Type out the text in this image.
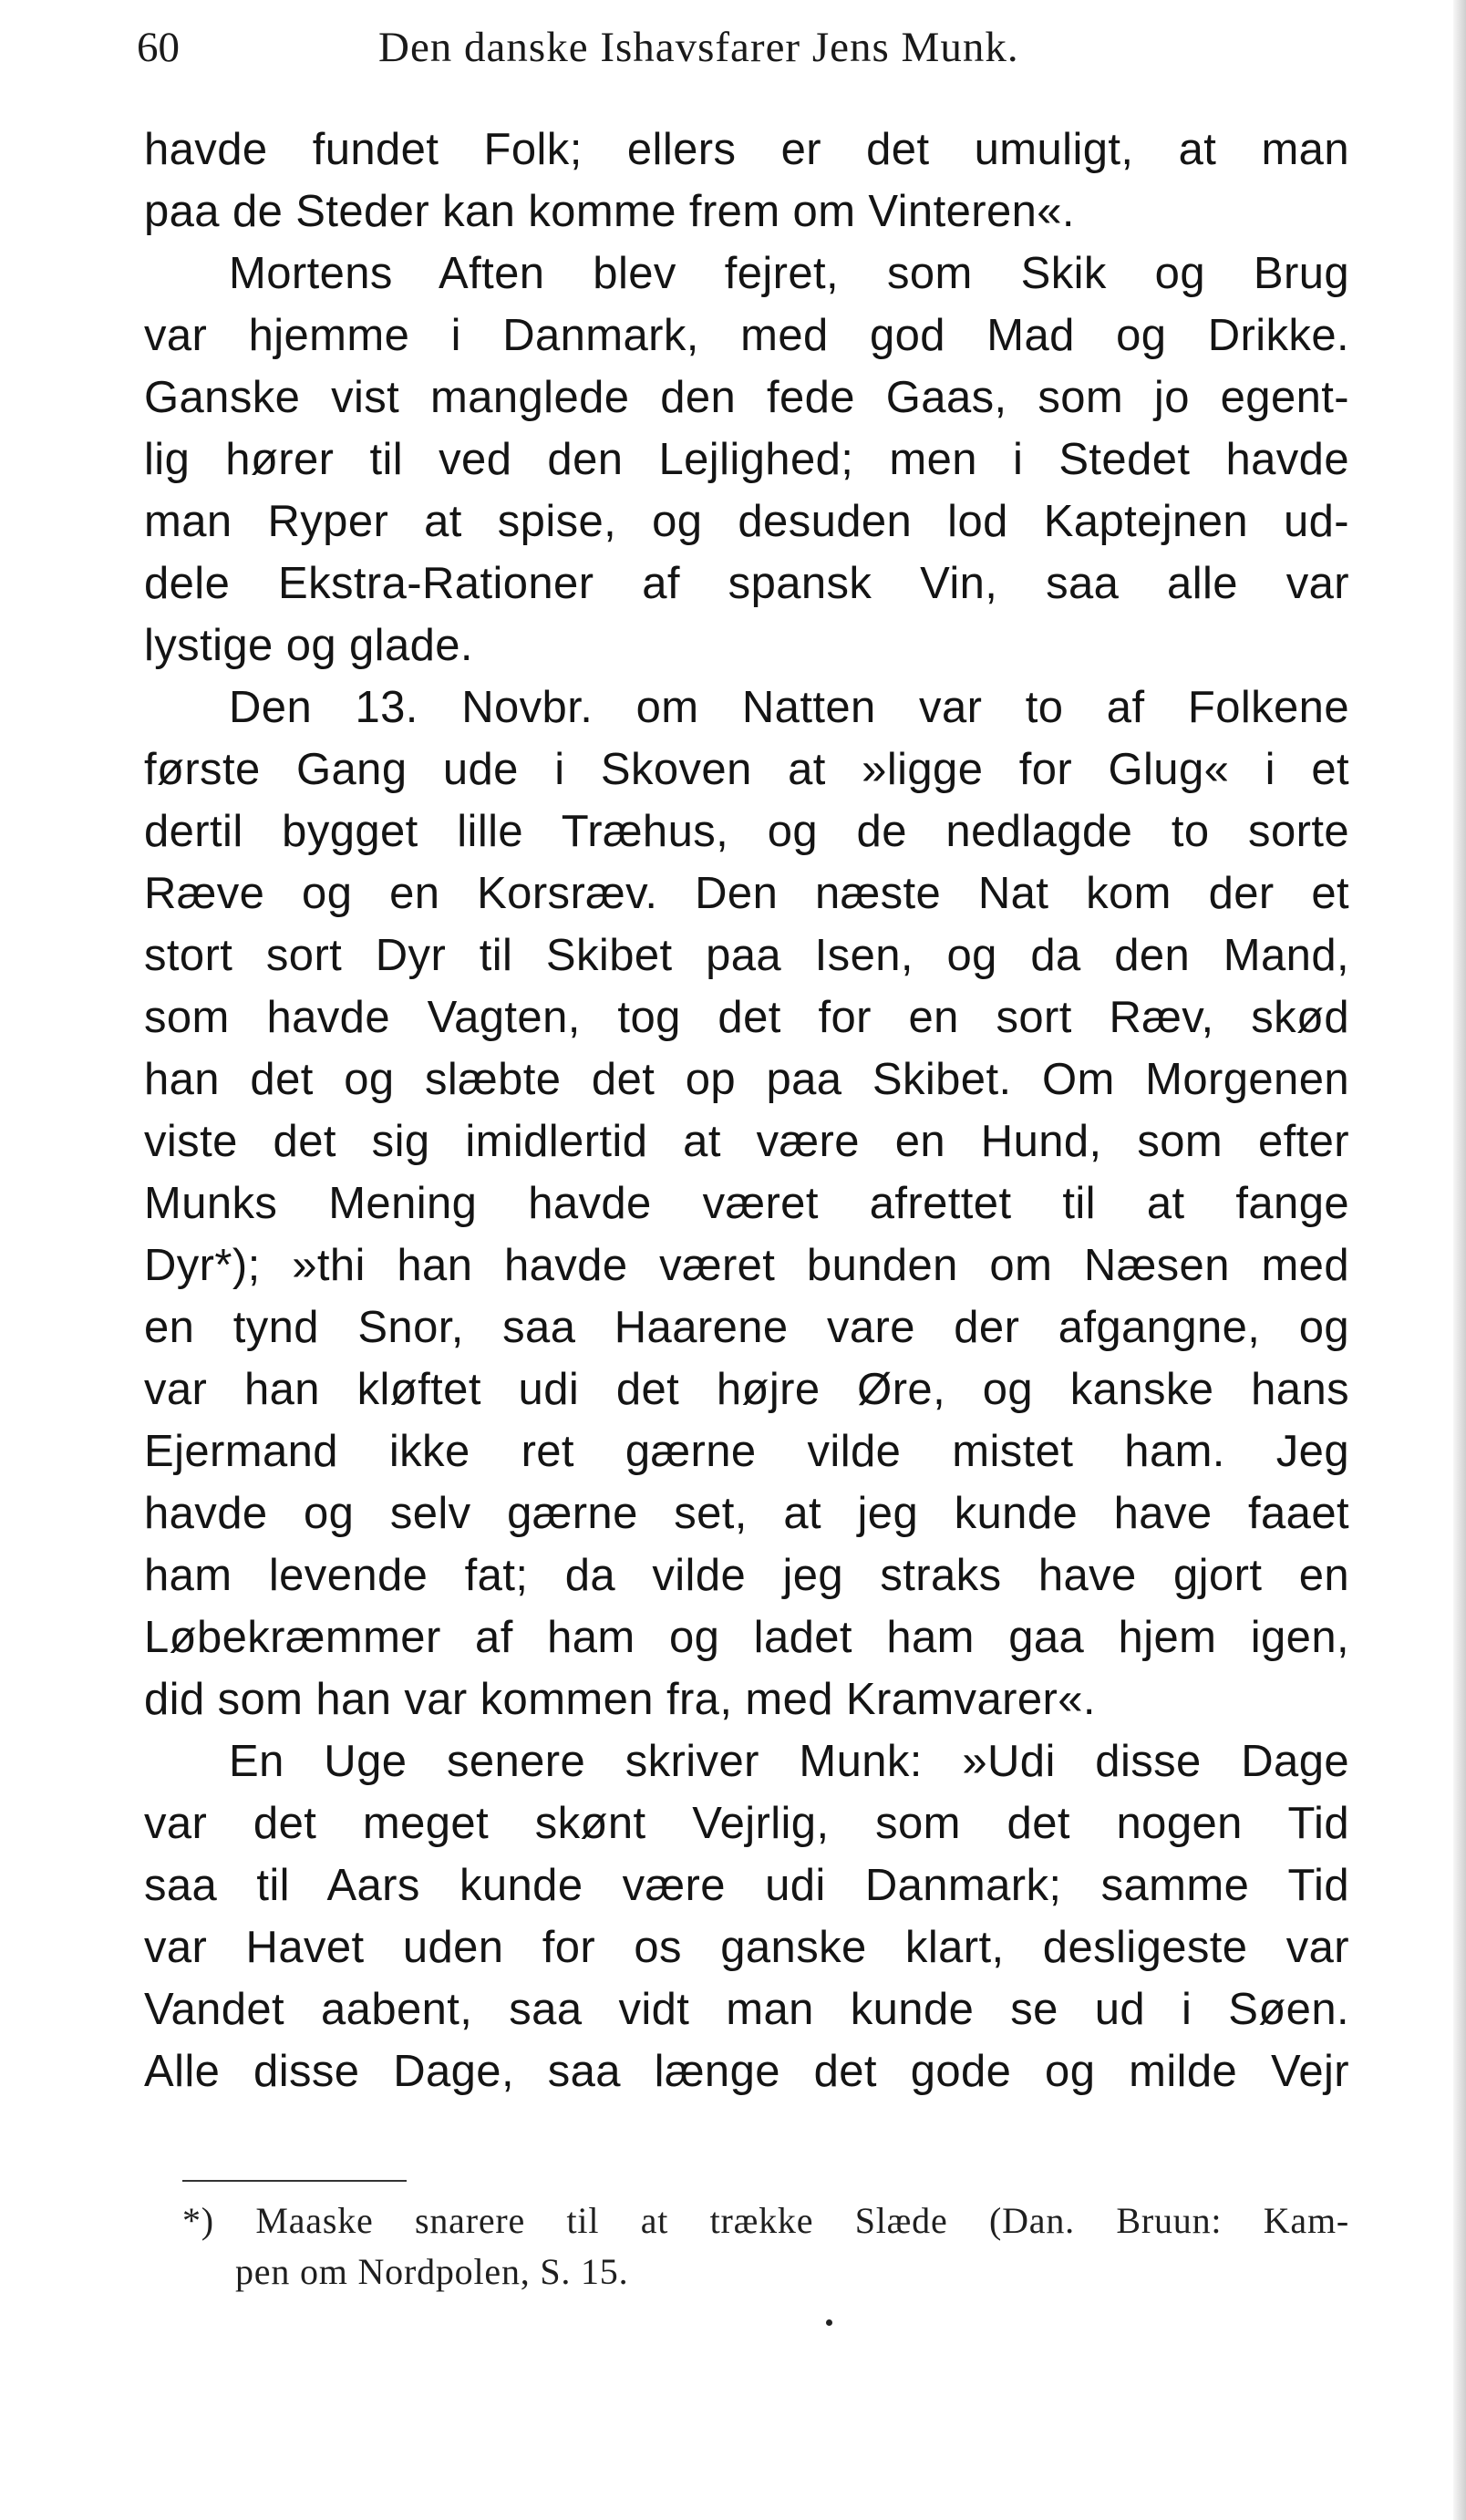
60	Den danske Ishavsfarer Jens Munk.
havde fundet Folk; ellers er det umuligt, at man
paa de Steder kan komme frem om Vinteren«.
Mortens Aften blev fejret, som Skik og Brug
var hjemme i Danmark, med god Mad og Drikke.
Ganske vist manglede den fede Gaas, som jo egent-
lig hører til ved den Lejlighed; men i Stedet havde
man Ryper at spise, og desuden lod Kaptejnen ud-
dele Ekstra-Rationer af spansk Vin, saa alle var
lystige og glade.
Den 13. Novbr. om Natten var to af Folkene
første Gang ude i Skoven at »ligge for Glug« i et
dertil bygget lille Træhus, og de nedlagde to sorte
Ræve og en Korsræv. Den næste Nat kom der et
stort sort Dyr til Skibet paa Isen, og da den Mand,
som havde Vagten, tog det for en sort Ræv, skød
han det og slæbte det op paa Skibet. Om Morgenen
viste det sig imidlertid at være en Hund, som efter
Munks Mening havde været afrettet til at fange
Dyr*); »thi han havde været bunden om Næsen med
en tynd Snor, saa Haarene vare der afgangne, og
var han kløftet udi det højre Øre, og kanske hans
Ejermand ikke ret gærne vilde mistet ham. Jeg
havde og selv gærne set, at jeg kunde have faaet
ham levende fat; da vilde jeg straks have gjort en
Løbekræmmer af ham og ladet ham gaa hjem igen,
did som han var kommen fra, med Kramvarer«.
En Uge senere skriver Munk: »Udi disse Dage
var det meget skønt Vejrlig, som det nogen Tid
saa til Aars kunde være udi Danmark; samme Tid
var Havet uden for os ganske klart, desligeste var
Vandet aabent, saa vidt man kunde se ud i Søen.
Alle disse Dage, saa længe det gode og milde Vejr
*) Maaske snarere til at trække Slæde (Dan. Bruun: Kam-
pen om Nordpolen, S. 15.
